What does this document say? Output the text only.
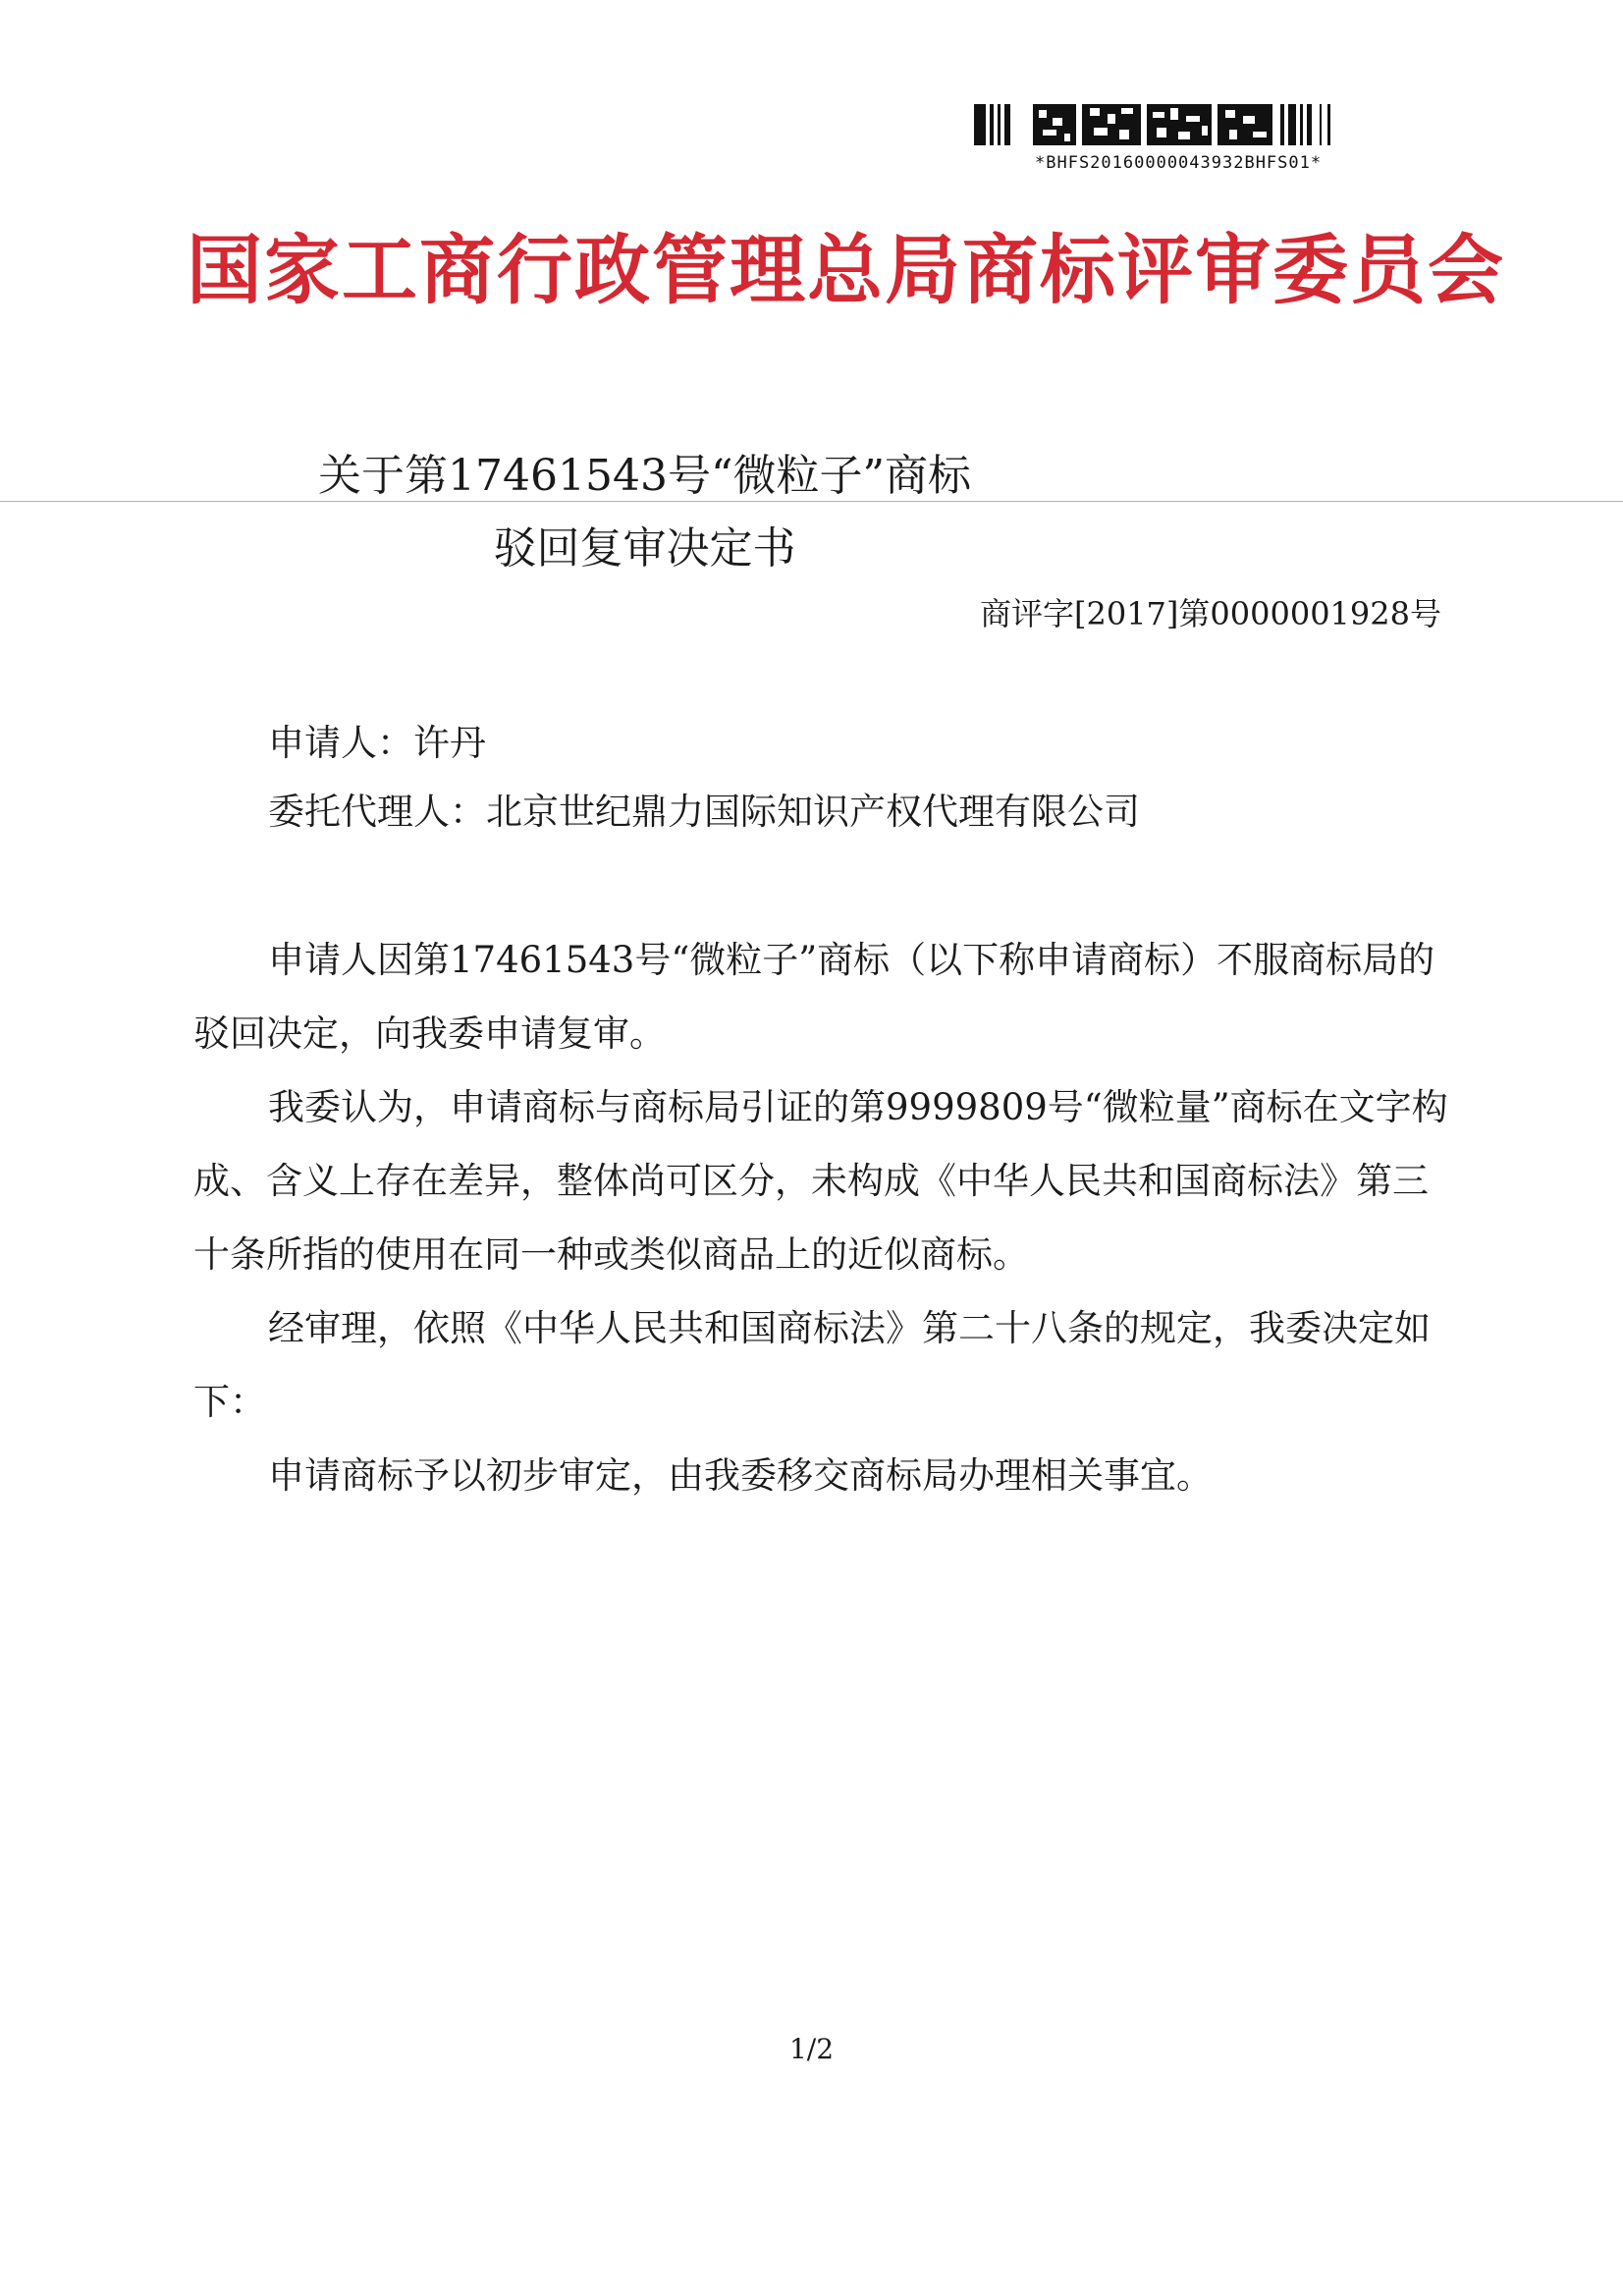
*BHFS20160000043932BHFS01*
国家工商行政管理总局商标评审委员会
关于第17461543号“微粒子”商标
驳回复审决定书
商评字[2017]第0000001928号
申请人：许丹
委托代理人：北京世纪鼎力国际知识产权代理有限公司

申请人因第17461543号“微粒子”商标（以下称申请商标）不服商标局的驳回决定，向我委申请复审。

我委认为，申请商标与商标局引证的第9999809号“微粒量”商标在文字构成、含义上存在差异，整体尚可区分，未构成《中华人民共和国商标法》第三十条所指的使用在同一种或类似商品上的近似商标。

经审理，依照《中华人民共和国商标法》第二十八条的规定，我委决定如下：

申请商标予以初步审定，由我委移交商标局办理相关事宜。

1/2
